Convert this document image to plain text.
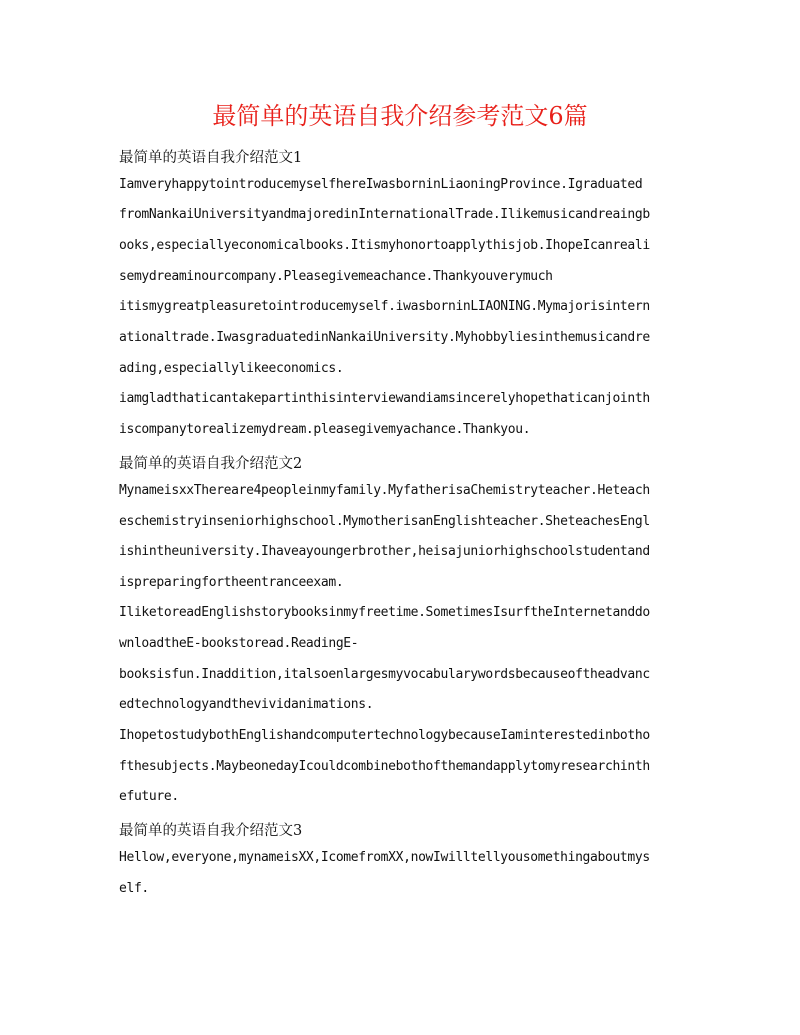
最简单的英语自我介绍参考范文6篇
最简单的英语自我介绍范文1
IamveryhappytointroducemyselfhereIwasborninLiaoningProvince.Igraduated
fromNankaiUniversityandmajoredinInternationalTrade.Ilikemusicandreaingb
ooks,especiallyeconomicalbooks.Itismyhonortoapplythisjob.IhopeIcanreali
semydreaminourcompany.Pleasegivemeachance.Thankyouverymuch
itismygreatpleasuretointroducemyself.iwasborninLIAONING.Mymajorisintern
ationaltrade.IwasgraduatedinNankaiUniversity.Myhobbyliesinthemusicandre
ading,especiallylikeeconomics.
iamgladthaticantakepartinthisinterviewandiamsincerelyhopethaticanjointh
iscompanytorealizemydream.pleasegivemyachance.Thankyou.
最简单的英语自我介绍范文2
MynameisxxThereare4peopleinmyfamily.MyfatherisaChemistryteacher.Heteach
eschemistryinseniorhighschool.MymotherisanEnglishteacher.SheteachesEngl
ishintheuniversity.Ihaveayoungerbrother,heisajuniorhighschoolstudentand
ispreparingfortheentranceexam.
IliketoreadEnglishstorybooksinmyfreetime.SometimesIsurftheInternetanddo
wnloadtheE-bookstoread.ReadingE-
booksisfun.Inaddition,italsoenlargesmyvocabularywordsbecauseoftheadvanc
edtechnologyandthevividanimations.
IhopetostudybothEnglishandcomputertechnologybecauseIaminterestedinbotho
fthesubjects.MaybeonedayIcouldcombinebothofthemandapplytomyresearchinth
efuture.
最简单的英语自我介绍范文3
Hellow,everyone,mynameisXX,IcomefromXX,nowIwilltellyousomethingaboutmys
elf.
